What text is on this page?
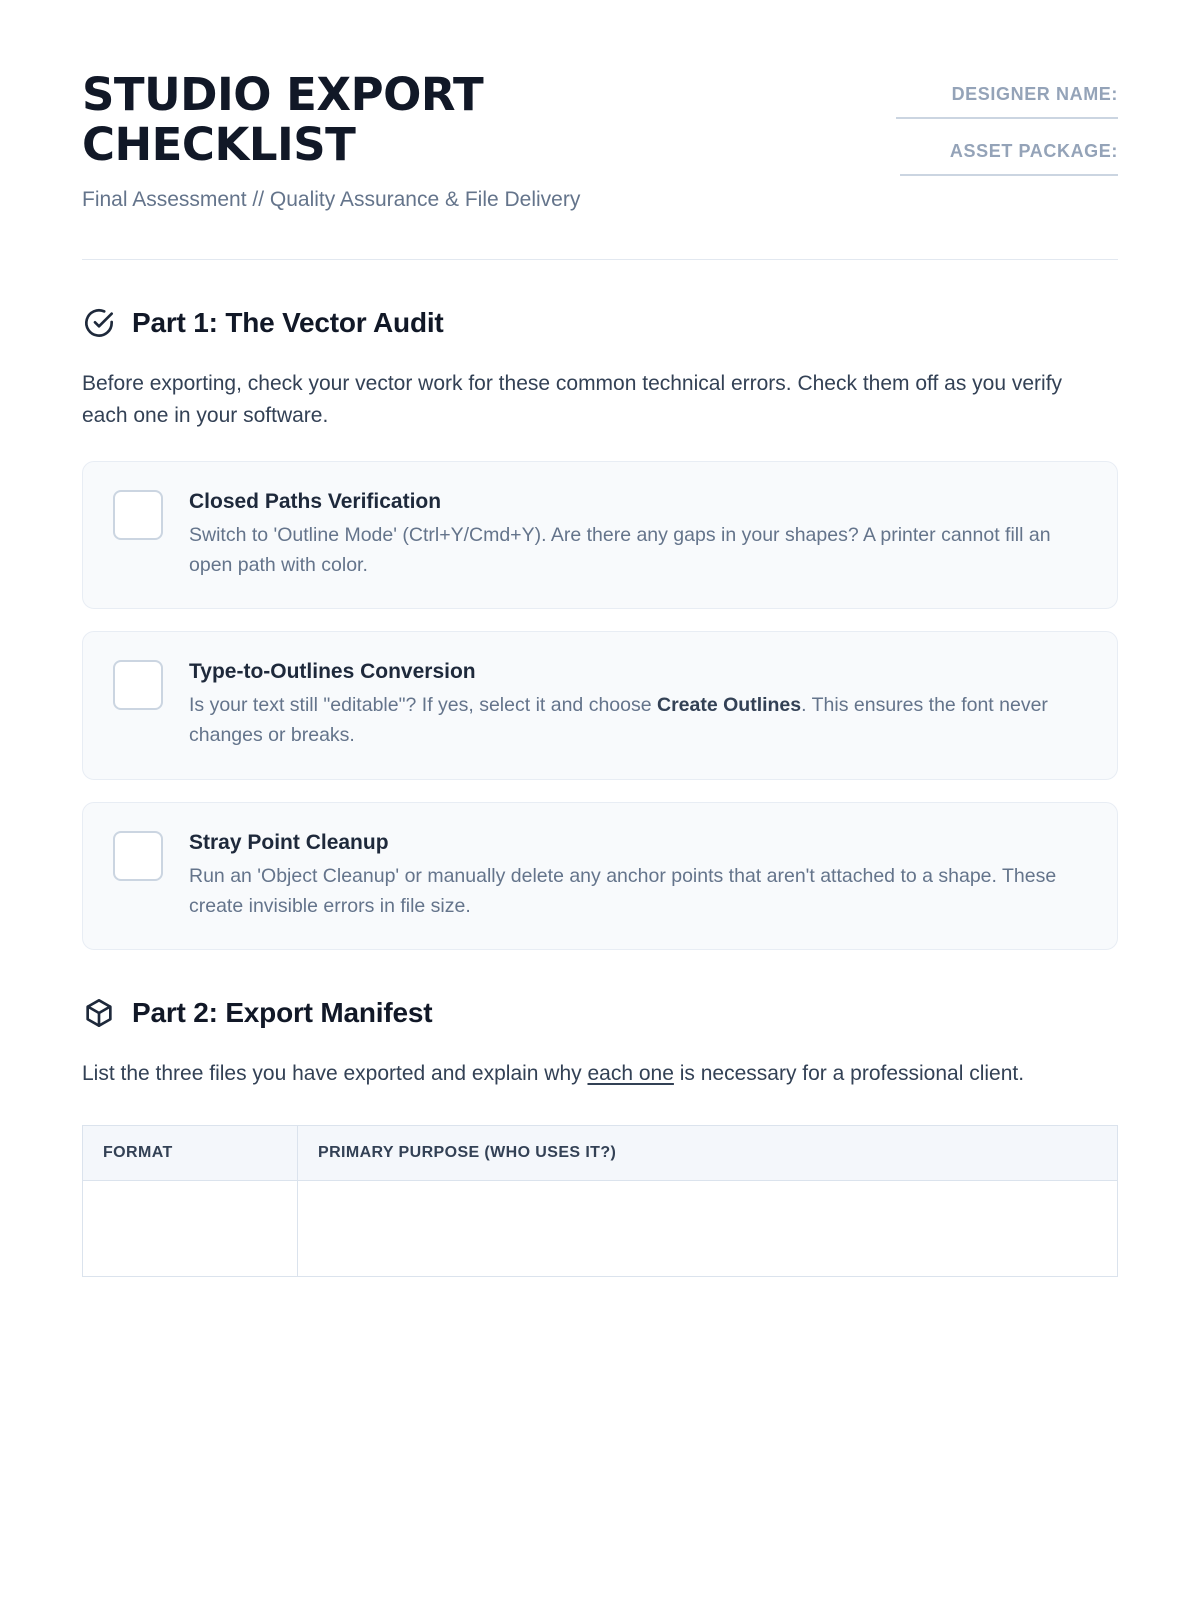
STUDIO EXPORT CHECKLIST
Final Assessment // Quality Assurance & File Delivery
DESIGNER NAME:
ASSET PACKAGE:
Part 1: The Vector Audit
Before exporting, check your vector work for these common technical errors. Check them off as you verify each one in your software.
Closed Paths Verification
Switch to 'Outline Mode' (Ctrl+Y/Cmd+Y). Are there any gaps in your shapes? A printer cannot fill an open path with color.
Type-to-Outlines Conversion
Is your text still "editable"? If yes, select it and choose Create Outlines. This ensures the font never changes or breaks.
Stray Point Cleanup
Run an 'Object Cleanup' or manually delete any anchor points that aren't attached to a shape. These create invisible errors in file size.
Part 2: Export Manifest
List the three files you have exported and explain why each one is necessary for a professional client.
FORMAT	PRIMARY PURPOSE (WHO USES IT?)
